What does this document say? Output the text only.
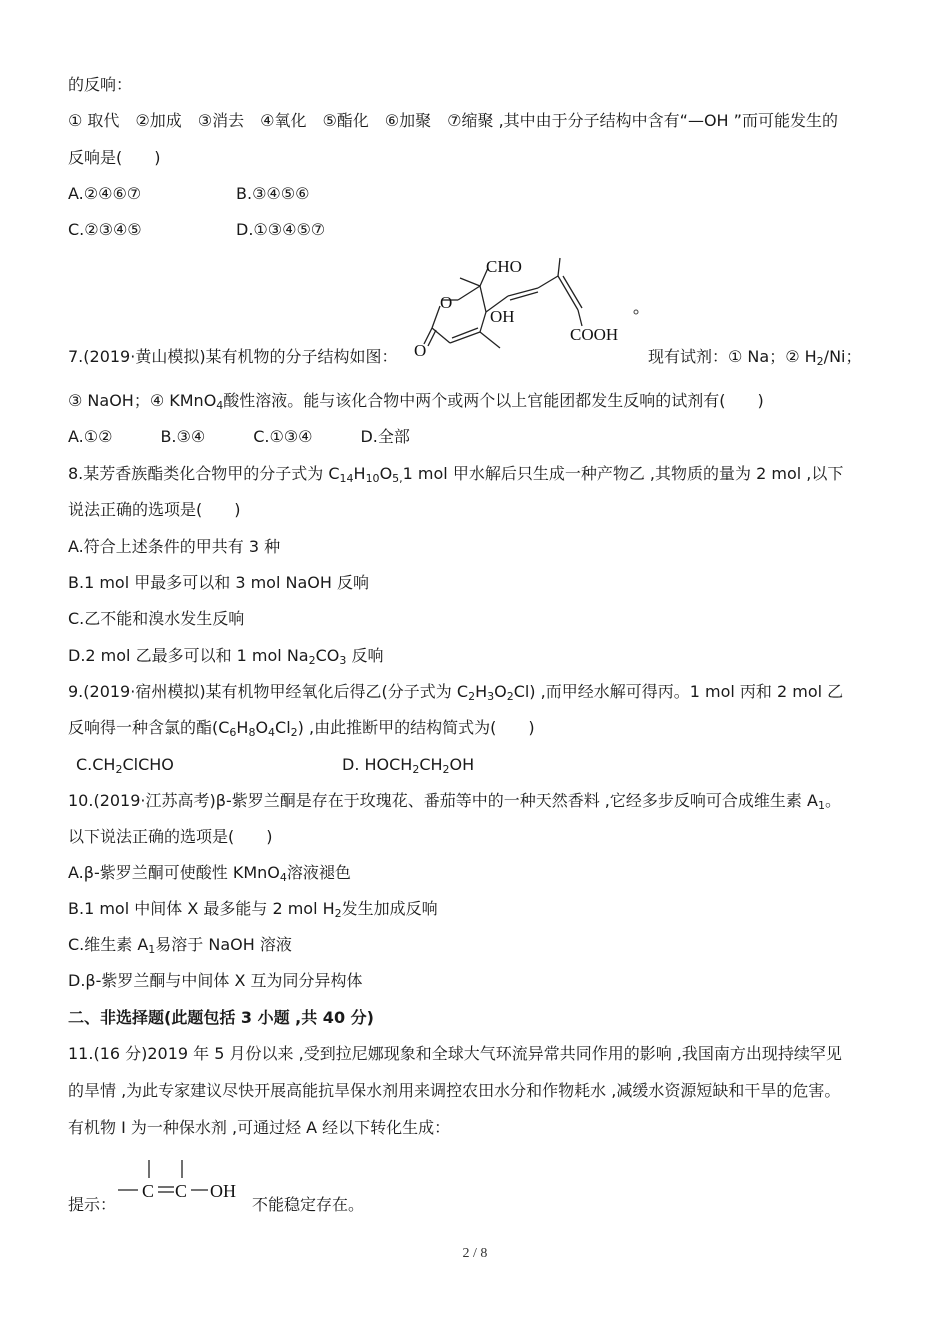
的反响：
① 取代　②加成　③消去　④氧化　⑤酯化　⑥加聚　⑦缩聚 ,其中由于分子结构中含有“—OH ”而可能发生的
反响是(　　)
A.②④⑥⑦	B.③④⑤⑥
C.②③④⑤	D.①③④⑤⑦
CHO
O
OH
O
COOH
7.(2019·黄山模拟)某有机物的分子结构如图：	现有试剂：① Na；② $H_2/Ni$；
③ NaOH；④ KMnO$_4$酸性溶液。能与该化合物中两个或两个以上官能团都发生反响的试剂有(　　)
A.①②　　　B.③④　　　C.①③④　　　D.全部
8.某芳香族酯类化合物甲的分子式为 $C_{14}H_{10}O_{5,}1$ mol 甲水解后只生成一种产物乙 ,其物质的量为 2 mol ,以下
说法正确的选项是(　　)
A.符合上述条件的甲共有 3 种
B.1 mol 甲最多可以和 3 mol NaOH 反响
C.乙不能和溴水发生反响
D.2 mol 乙最多可以和 1 mol $Na_2CO_3$ 反响
9.(2019·宿州模拟)某有机物甲经氧化后得乙(分子式为 $C_2H_3O_2Cl$) ,而甲经水解可得丙。1 mol 丙和 2 mol 乙
反响得一种含氯的酯$(C_6H_8O_4Cl_2)$ ,由此推断甲的结构简式为(　　)
$C.CH_2ClCHO$	D. $HOCH_2CH_2OH$
10.(2019·江苏高考)β-紫罗兰酮是存在于玫瑰花、番茄等中的一种天然香料 ,它经多步反响可合成维生素 $A_1$。
以下说法正确的选项是(　　)
A.β-紫罗兰酮可使酸性 KMnO$_4$溶液褪色
B.1 mol 中间体 X 最多能与 2 mol $H_2$发生加成反响
C.维生素 $A_1$易溶于 NaOH 溶液
D.β-紫罗兰酮与中间体 X 互为同分异构体
二、非选择题(此题包括 3 小题 ,共 40 分)
11.(16 分)2019 年 5 月份以来 ,受到拉尼娜现象和全球大气环流异常共同作用的影响 ,我国南方出现持续罕见
的旱情 ,为此专家建议尽快开展高能抗旱保水剂用来调控农田水分和作物耗水 ,减缓水资源短缺和干旱的危害。
有机物 I 为一种保水剂 ,可通过烃 A 经以下转化生成：
提示：
C C OH
不能稳定存在。
2 / 8
